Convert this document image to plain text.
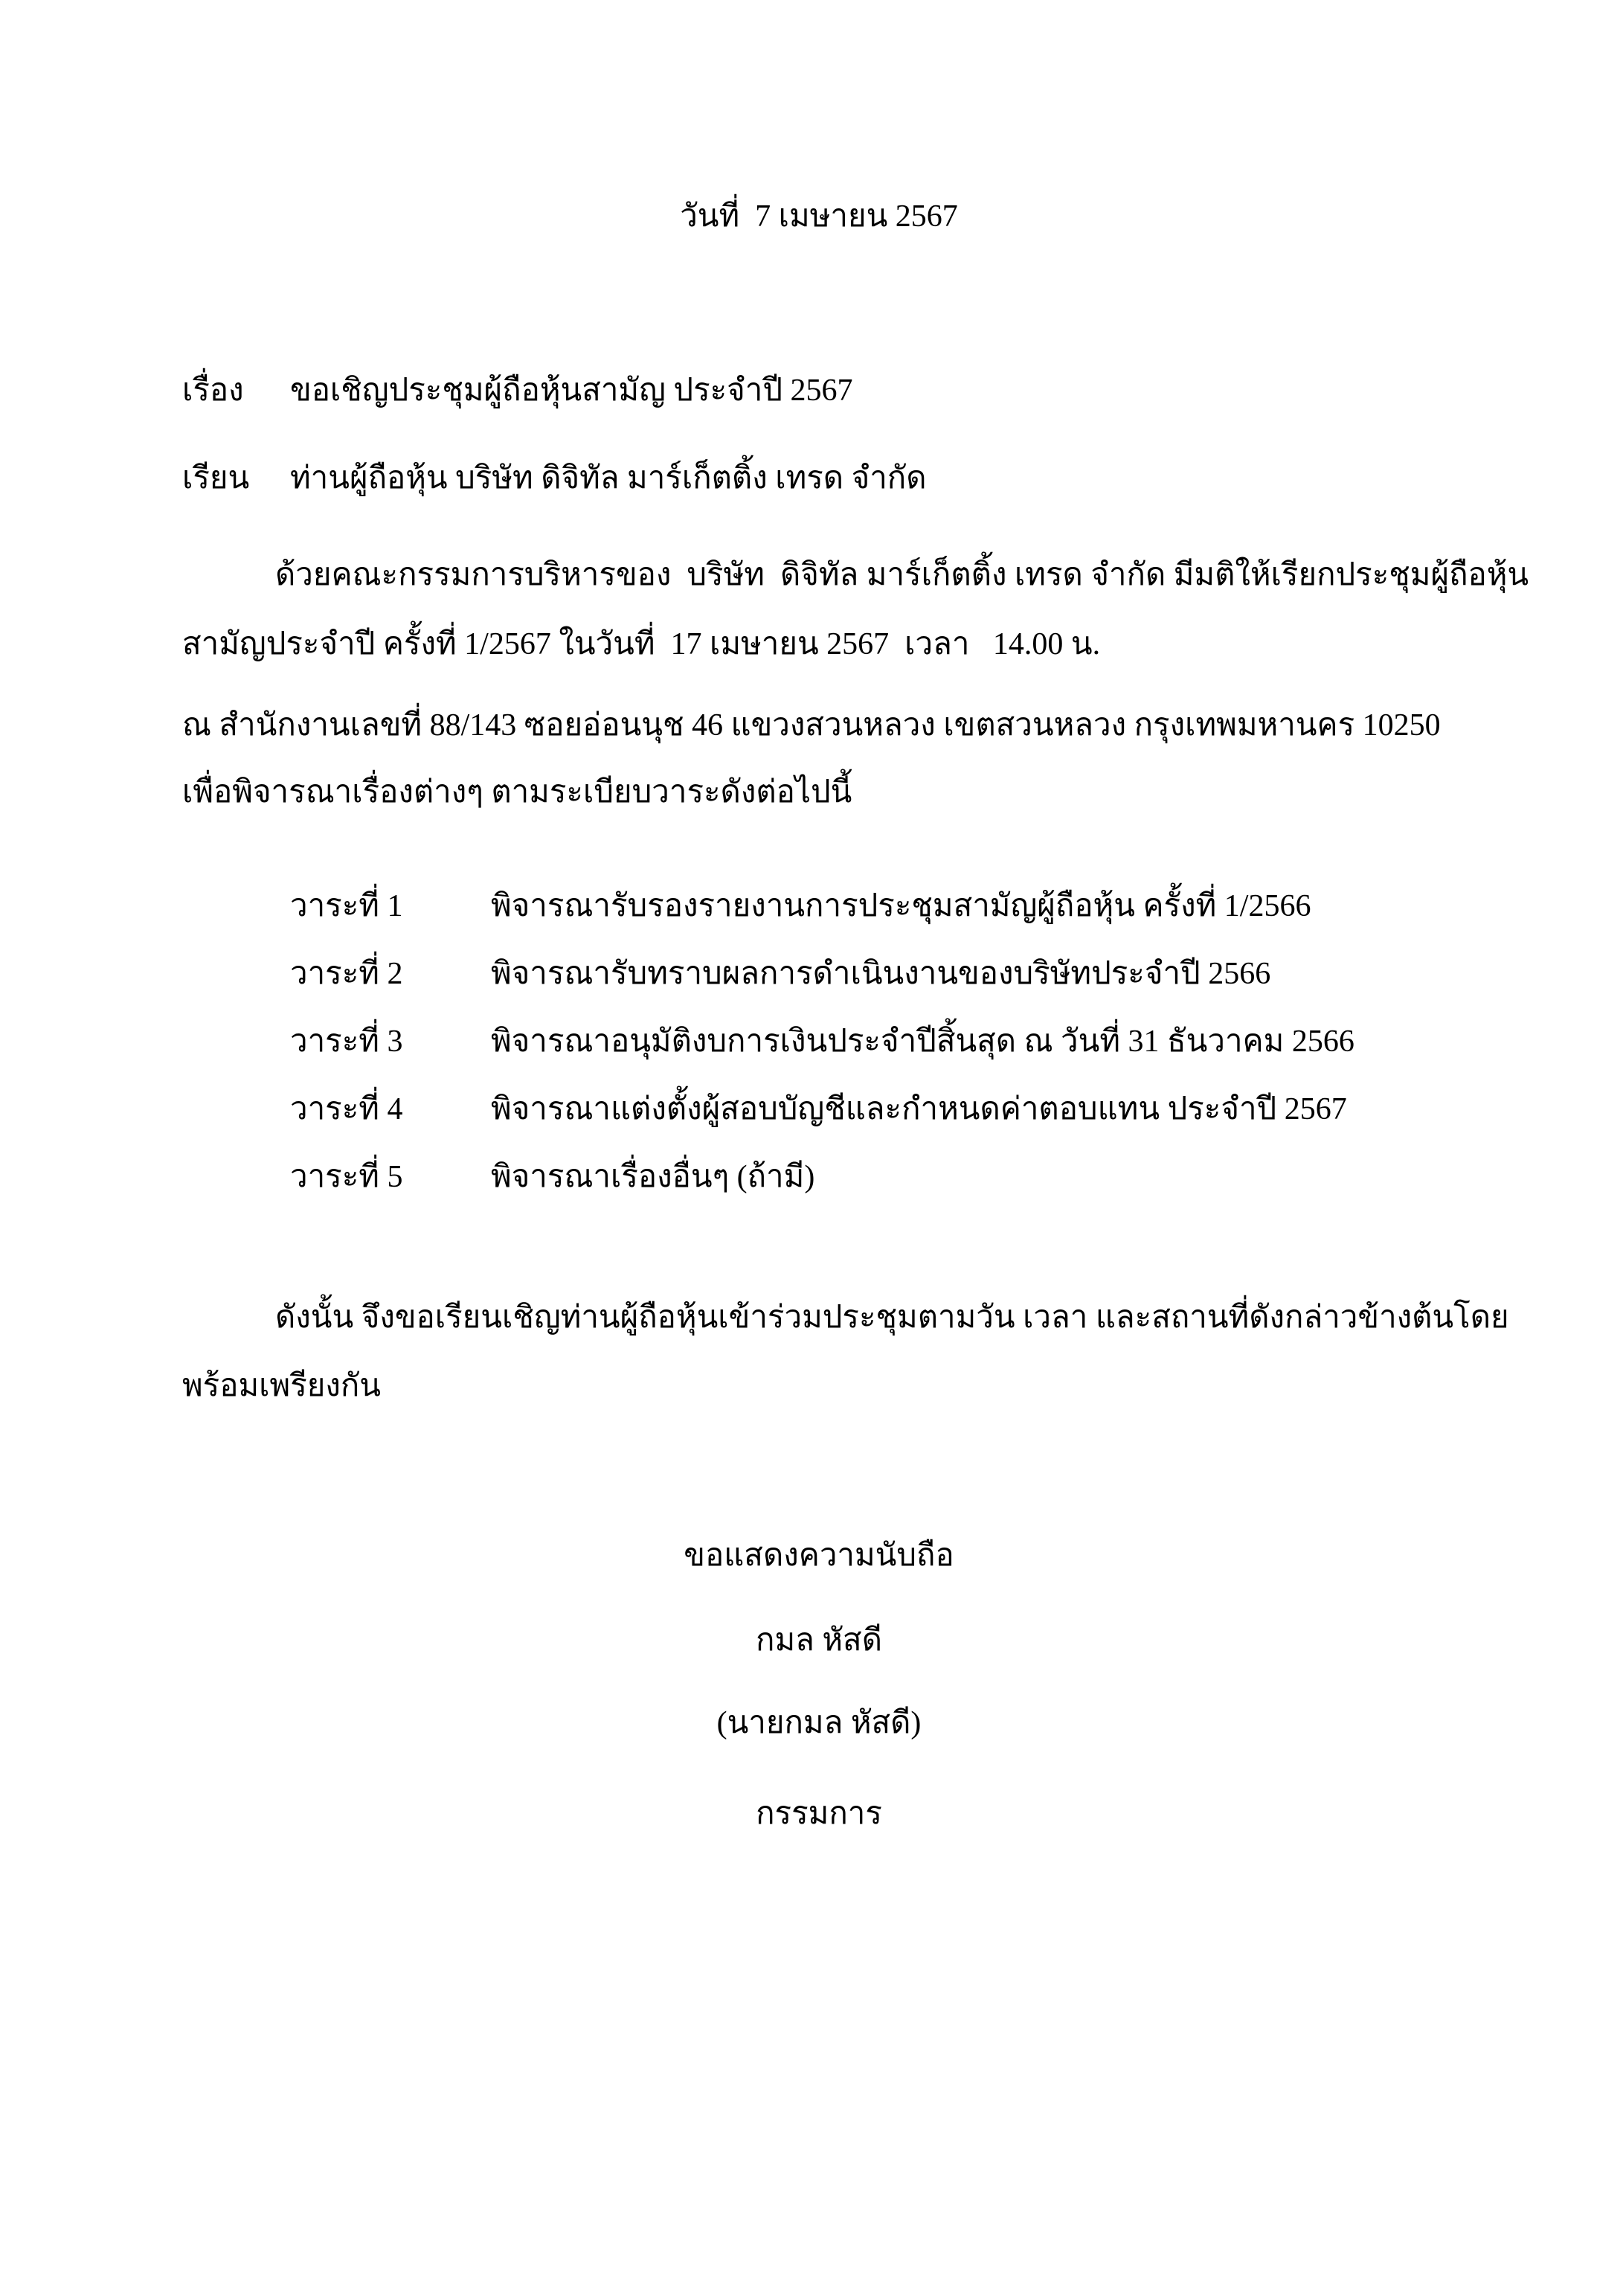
วันที่  7 เมษายน 2567
เรื่อง ขอเชิญประชุมผู้ถือหุ้นสามัญ ประจำปี 2567
เรียน ท่านผู้ถือหุ้น บริษัท ดิจิทัล มาร์เก็ตติ้ง เทรด จำกัด
ด้วยคณะกรรมการบริหารของ  บริษัท  ดิจิทัล มาร์เก็ตติ้ง เทรด จำกัด มีมติให้เรียกประชุมผู้ถือหุ้น
สามัญประจำปี ครั้งที่ 1/2567 ในวันที่  17 เมษายน 2567  เวลา   14.00 น.
ณ สำนักงานเลขที่ 88/143 ซอยอ่อนนุช 46 แขวงสวนหลวง เขตสวนหลวง กรุงเทพมหานคร 10250
เพื่อพิจารณาเรื่องต่างๆ ตามระเบียบวาระดังต่อไปนี้
วาระที่ 1	พิจารณารับรองรายงานการประชุมสามัญผู้ถือหุ้น ครั้งที่ 1/2566
วาระที่ 2	พิจารณารับทราบผลการดำเนินงานของบริษัทประจำปี 2566
วาระที่ 3	พิจารณาอนุมัติงบการเงินประจำปีสิ้นสุด ณ วันที่ 31 ธันวาคม 2566
วาระที่ 4	พิจารณาแต่งตั้งผู้สอบบัญชีและกำหนดค่าตอบแทน ประจำปี 2567
วาระที่ 5	พิจารณาเรื่องอื่นๆ (ถ้ามี)
ดังนั้น จึงขอเรียนเชิญท่านผู้ถือหุ้นเข้าร่วมประชุมตามวัน เวลา และสถานที่ดังกล่าวข้างต้นโดย
พร้อมเพรียงกัน
ขอแสดงความนับถือ
กมล หัสดี
(นายกมล หัสดี)
กรรมการ
